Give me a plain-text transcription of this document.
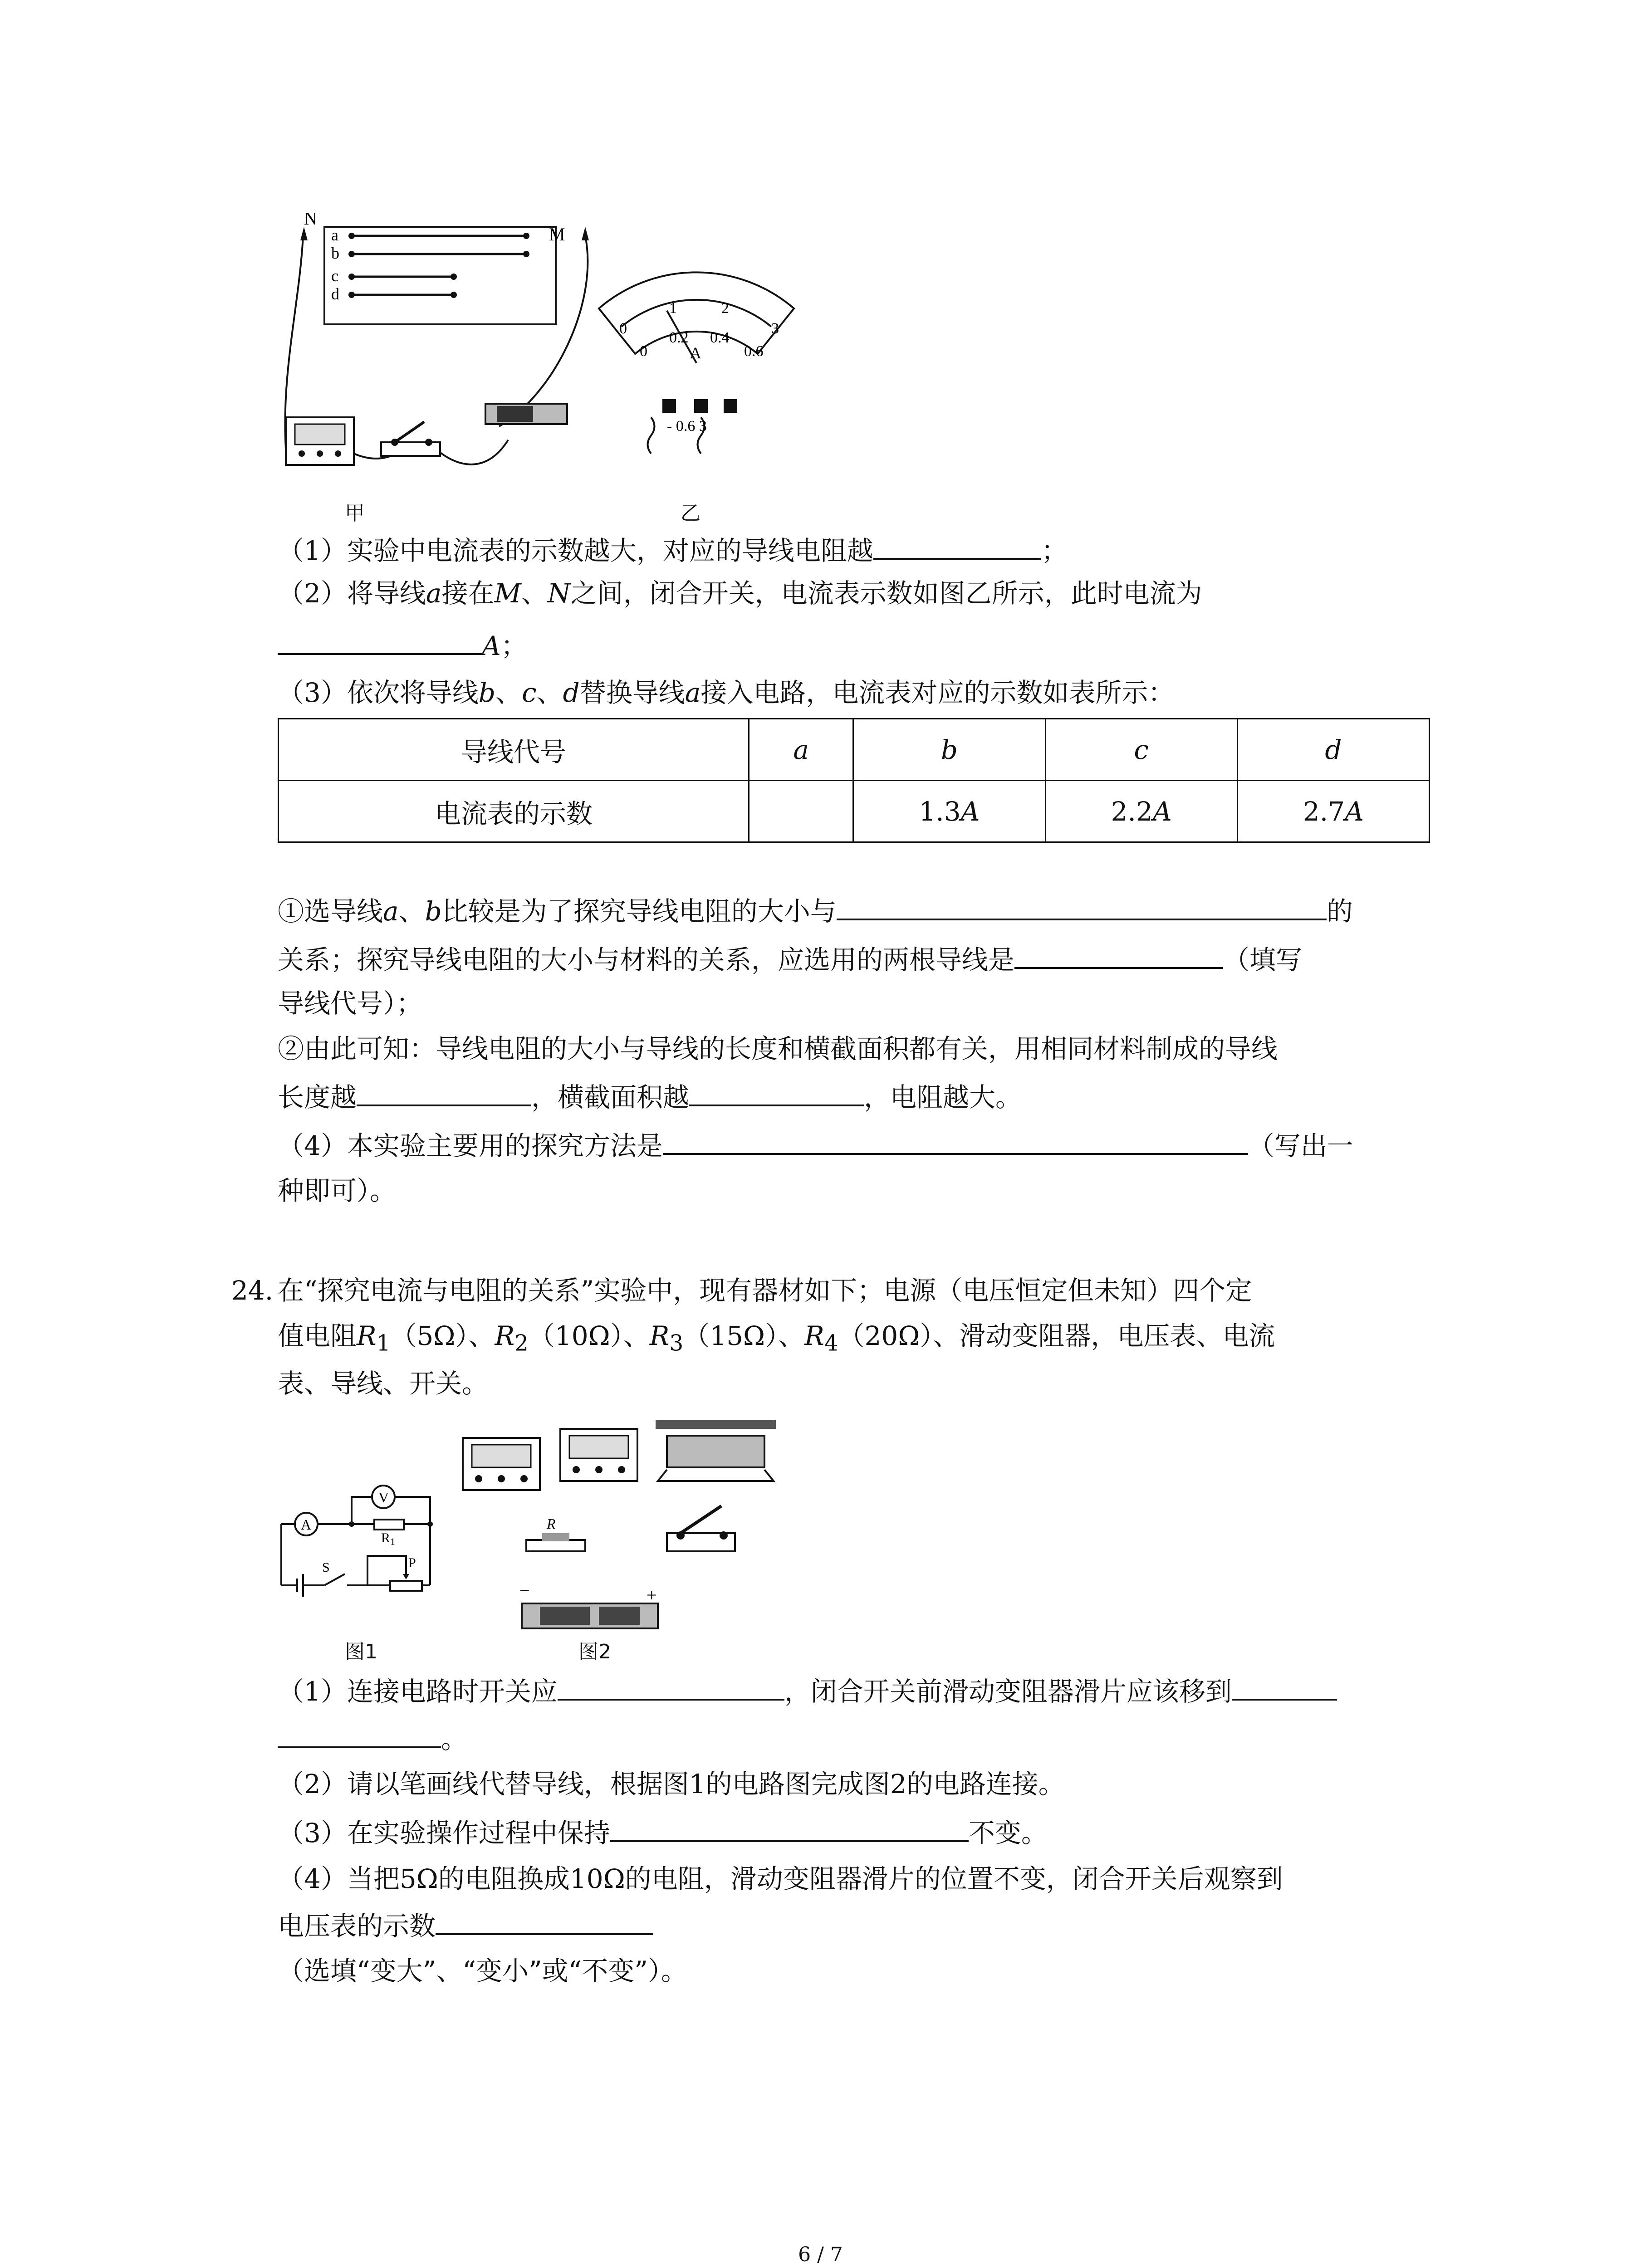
N
M
a
b
c
d
0
1	2
3
0
0.2 0.4
0.6
A
- 0.6 3
甲	乙
（1）实验中电流表的示数越大，对应的导线电阻越	；
（2）将导线a接在M、N之间，闭合开关，电流表示数如图乙所示，此时电流为
A；
（3）依次将导线b、c、d替换导线a接入电路，电流表对应的示数如表所示：
导线代号	a	b	c	d
电流表的示数		1.3A	2.2A	2.7A
①选导线a、b比较是为了探究导线电阻的大小与	的
关系；探究导线电阻的大小与材料的关系，应选用的两根导线是	（填写
导线代号）；
②由此可知：导线电阻的大小与导线的长度和横截面积都有关，用相同材料制成的导线
长度越	，横截面积越	，电阻越大。
（4）本实验主要用的探究方法是	（写出一
种即可）。
24. 在“探究电流与电阻的关系”实验中，现有器材如下；电源（电压恒定但未知）四个定
值电阻$R_1(5\Omega)$、$R_2(10\Omega)$、$R_3(15\Omega)$、$R_4(20\Omega)$、滑动变阻器，电压表、电流
表、导线、开关。
A
V
$R_1$
S	P
−	+
R
图1	图2
（1）连接电路时开关应	，闭合开关前滑动变阻器滑片应该移到
。
（2）请以笔画线代替导线，根据图1的电路图完成图2的电路连接。
（3）在实验操作过程中保持	不变。
（4）当把5Ω的电阻换成10Ω的电阻，滑动变阻器滑片的位置不变，闭合开关后观察到
电压表的示数
（选填“变大”、“变小”或“不变”）。
6 / 7
